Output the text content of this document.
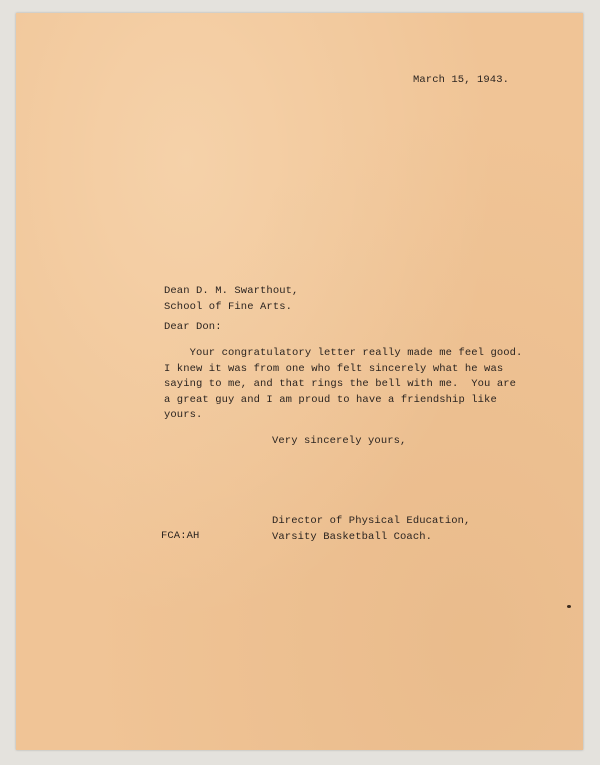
March 15, 1943.
Dean D. M. Swarthout,
School of Fine Arts.
Dear Don:
Your congratulatory letter really made me feel good.
I knew it was from one who felt sincerely what he was
saying to me, and that rings the bell with me.  You are
a great guy and I am proud to have a friendship like
yours.
Very sincerely yours,
Director of Physical Education,
Varsity Basketball Coach.
FCA:AH
